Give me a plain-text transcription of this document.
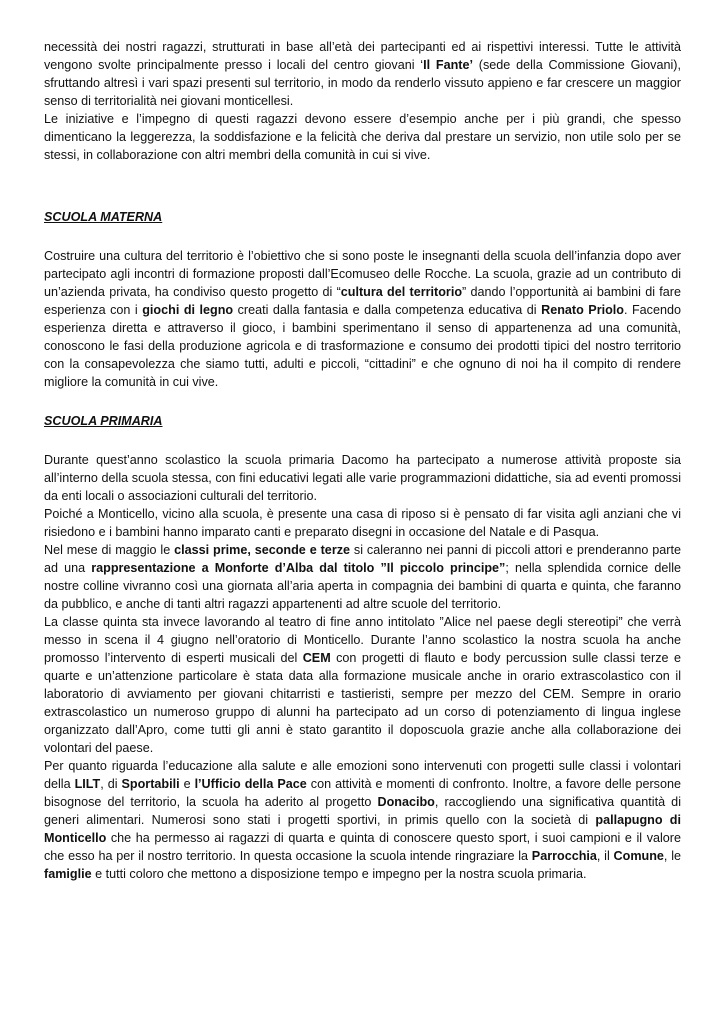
necessità dei nostri ragazzi, strutturati in base all’età dei partecipanti ed ai rispettivi interessi. Tutte le attività vengono svolte principalmente presso i locali del centro giovani ‘Il Fante’ (sede della Commissione Giovani), sfruttando altresì i vari spazi presenti sul territorio, in modo da renderlo vissuto appieno e far crescere un maggior senso di territorialità nei giovani monticellesi.

Le iniziative e l’impegno di questi ragazzi devono essere d’esempio anche per i più grandi, che spesso dimenticano la leggerezza, la soddisfazione e la felicità che deriva dal prestare un servizio, non utile solo per se stessi, in collaborazione con altri membri della comunità in cui si vive.

SCUOLA MATERNA

Costruire una cultura del territorio è l’obiettivo che si sono poste le insegnanti della scuola dell’infanzia dopo aver partecipato agli incontri di formazione proposti dall’Ecomuseo delle Rocche. La scuola, grazie ad un contributo di un’azienda privata, ha condiviso questo progetto di “cultura del territorio” dando l’opportunità ai bambini di fare esperienza con i giochi di legno creati dalla fantasia e dalla competenza educativa di Renato Priolo. Facendo esperienza diretta e attraverso il gioco, i bambini sperimentano il senso di appartenenza ad una comunità, conoscono le fasi della produzione agricola e di trasformazione e consumo dei prodotti tipici del nostro territorio con la consapevolezza che siamo tutti, adulti e piccoli, “cittadini” e che ognuno di noi ha il compito di rendere migliore la comunità in cui vive.

SCUOLA PRIMARIA

Durante quest’anno scolastico la scuola primaria Dacomo ha partecipato a numerose attività proposte sia all’interno della scuola stessa, con fini educativi legati alle varie programmazioni didattiche, sia ad eventi promossi da enti locali o associazioni culturali del territorio.

Poiché a Monticello, vicino alla scuola, è presente una casa di riposo si è pensato di far visita agli anziani che vi risiedono e i bambini hanno imparato canti e preparato disegni in occasione del Natale e di Pasqua.

Nel mese di maggio le classi prime, seconde e terze si caleranno nei panni di piccoli attori e prenderanno parte ad una rappresentazione a Monforte d’Alba dal titolo ”Il piccolo principe”; nella splendida cornice delle nostre colline vivranno così una giornata all’aria aperta in compagnia dei bambini di quarta e quinta, che faranno da pubblico, e anche di tanti altri ragazzi appartenenti ad altre scuole del territorio.

La classe quinta sta invece lavorando al teatro di fine anno intitolato ”Alice nel paese degli stereotipi” che verrà messo in scena il 4 giugno nell’oratorio di Monticello. Durante l’anno scolastico la nostra scuola ha anche promosso l’intervento di esperti musicali del CEM con progetti di flauto e body percussion sulle classi terze e quarte e un’attenzione particolare è stata data alla formazione musicale anche in orario extrascolastico con il laboratorio di avviamento per giovani chitarristi e tastieristi, sempre per mezzo del CEM. Sempre in orario extrascolastico un numeroso gruppo di alunni ha partecipato ad un corso di potenziamento di lingua inglese organizzato dall’Apro, come tutti gli anni è stato garantito il doposcuola grazie anche alla collaborazione dei volontari del paese.

Per quanto riguarda l’educazione alla salute e alle emozioni sono intervenuti con progetti sulle classi i volontari della LILT, di Sportabili e l’Ufficio della Pace con attività e momenti di confronto. Inoltre, a favore delle persone bisognose del territorio, la scuola ha aderito al progetto Donacibo, raccogliendo una significativa quantità di generi alimentari. Numerosi sono stati i progetti sportivi, in primis quello con la società di pallapugno di Monticello che ha permesso ai ragazzi di quarta e quinta di conoscere questo sport, i suoi campioni e il valore che esso ha per il nostro territorio. In questa occasione la scuola intende ringraziare la Parrocchia, il Comune, le famiglie e tutti coloro che mettono a disposizione tempo e impegno per la nostra scuola primaria.
